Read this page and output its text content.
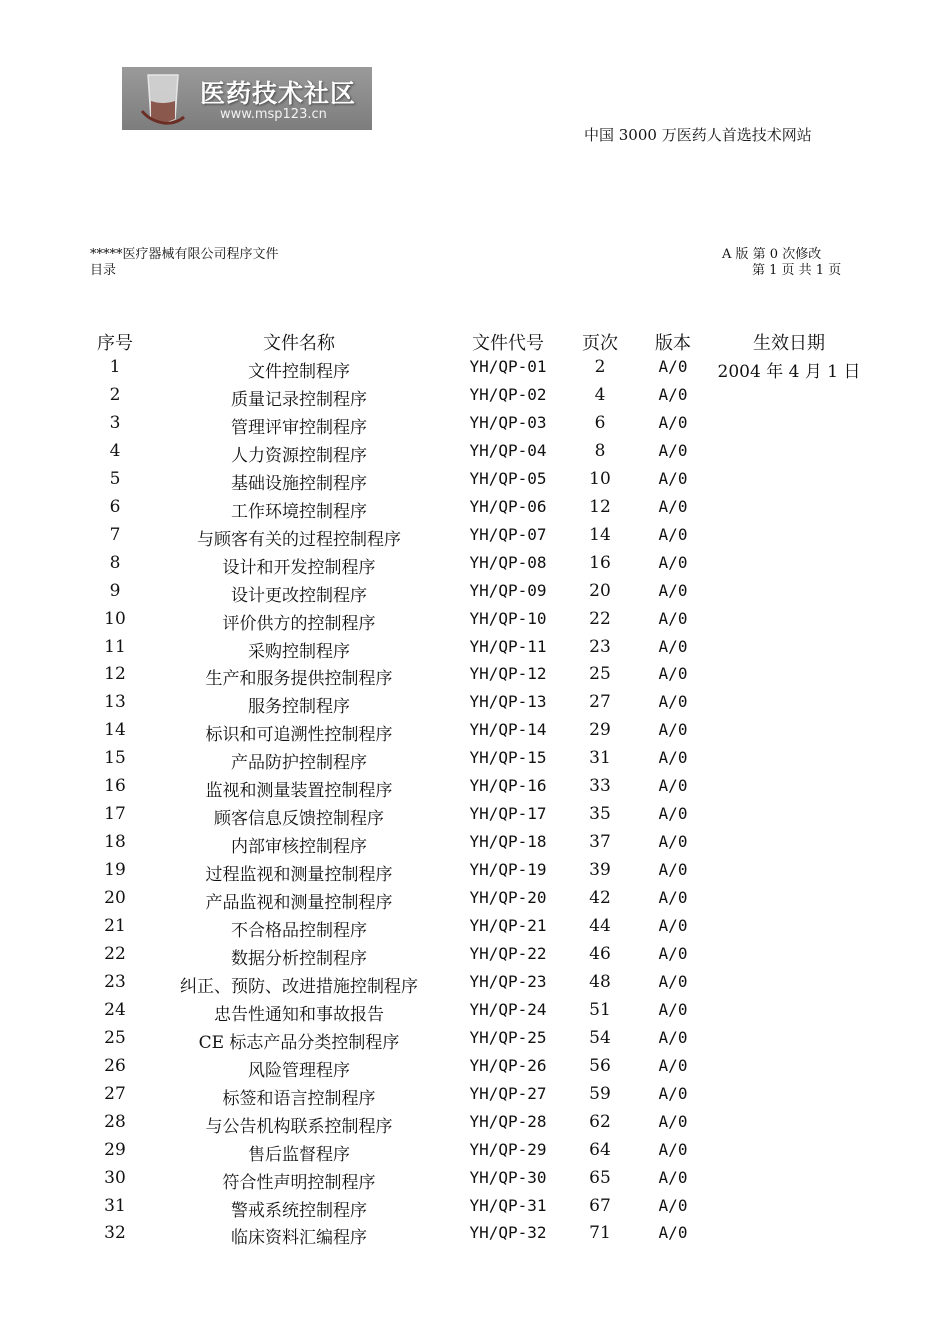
医药技术社区
www.msp123.cn
中国 3000 万医药人首选技术网站
*****医疗器械有限公司程序文件
目录
A 版 第 0 次修改
第 1 页 共 1 页
序号	文件名称	文件代号	页次	版本	生效日期
1	文件控制程序	YH/QP-01	2	A/0	2004 年 4 月 1 日
2	质量记录控制程序	YH/QP-02	4	A/0
3	管理评审控制程序	YH/QP-03	6	A/0
4	人力资源控制程序	YH/QP-04	8	A/0
5	基础设施控制程序	YH/QP-05	10	A/0
6	工作环境控制程序	YH/QP-06	12	A/0
7	与顾客有关的过程控制程序	YH/QP-07	14	A/0
8	设计和开发控制程序	YH/QP-08	16	A/0
9	设计更改控制程序	YH/QP-09	20	A/0
10	评价供方的控制程序	YH/QP-10	22	A/0
11	采购控制程序	YH/QP-11	23	A/0
12	生产和服务提供控制程序	YH/QP-12	25	A/0
13	服务控制程序	YH/QP-13	27	A/0
14	标识和可追溯性控制程序	YH/QP-14	29	A/0
15	产品防护控制程序	YH/QP-15	31	A/0
16	监视和测量装置控制程序	YH/QP-16	33	A/0
17	顾客信息反馈控制程序	YH/QP-17	35	A/0
18	内部审核控制程序	YH/QP-18	37	A/0
19	过程监视和测量控制程序	YH/QP-19	39	A/0
20	产品监视和测量控制程序	YH/QP-20	42	A/0
21	不合格品控制程序	YH/QP-21	44	A/0
22	数据分析控制程序	YH/QP-22	46	A/0
23	纠正、预防、改进措施控制程序	YH/QP-23	48	A/0
24	忠告性通知和事故报告	YH/QP-24	51	A/0
25	CE 标志产品分类控制程序	YH/QP-25	54	A/0
26	风险管理程序	YH/QP-26	56	A/0
27	标签和语言控制程序	YH/QP-27	59	A/0
28	与公告机构联系控制程序	YH/QP-28	62	A/0
29	售后监督程序	YH/QP-29	64	A/0
30	符合性声明控制程序	YH/QP-30	65	A/0
31	警戒系统控制程序	YH/QP-31	67	A/0
32	临床资料汇编程序	YH/QP-32	71	A/0
